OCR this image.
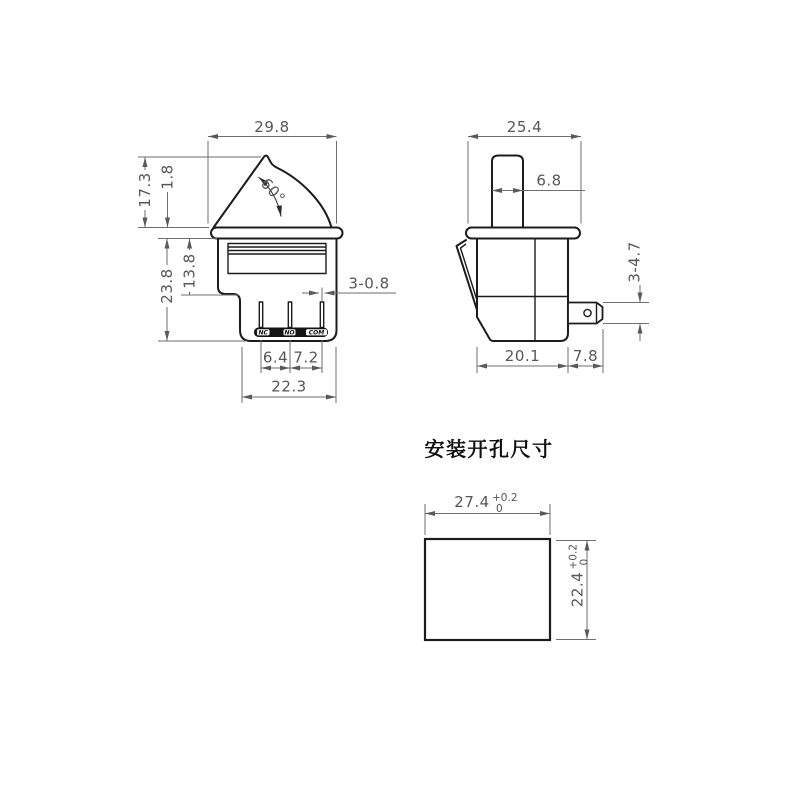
NC	NO COM
29.8
17.3 1.8
23.8 13.8
60°
3-0.8
6.4 7.2
22.3
25.4
6.8
3-4.7
20.1 7.8
安装开孔尺寸
27.4 +0.2
0
22.4
+0.2 0
